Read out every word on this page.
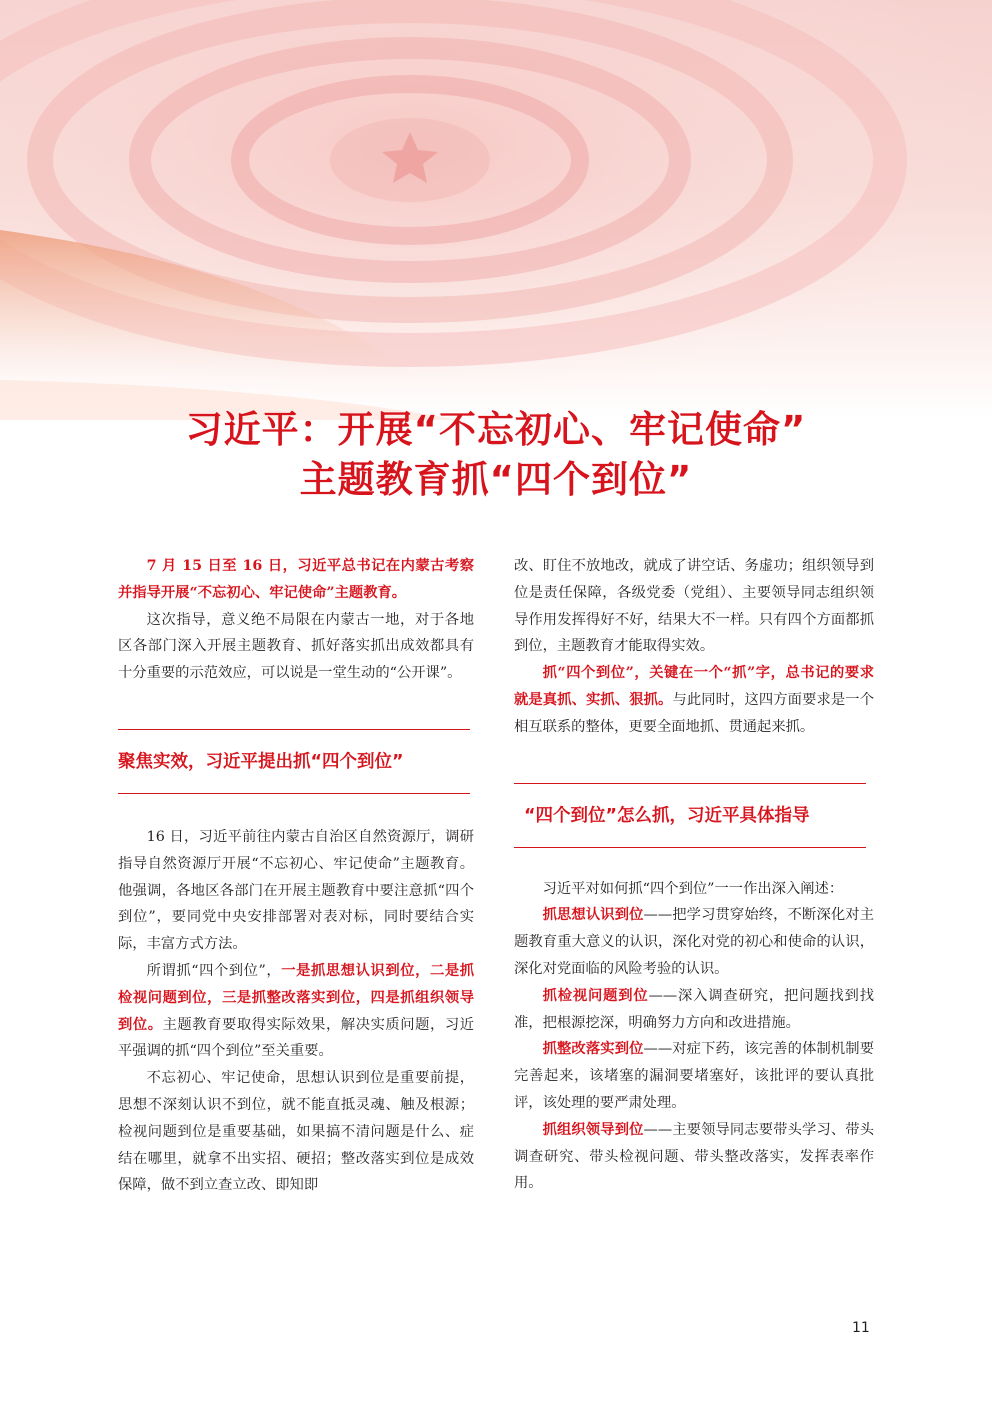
习近平：开展“不忘初心、牢记使命”
主题教育抓“四个到位”

7 月 15 日至 16 日，习近平总书记在内蒙古考察并指导开展“不忘初心、牢记使命”主题教育。

这次指导，意义绝不局限在内蒙古一地，对于各地区各部门深入开展主题教育、抓好落实抓出成效都具有十分重要的示范效应，可以说是一堂生动的“公开课”。

聚焦实效，习近平提出抓“四个到位”

16 日，习近平前往内蒙古自治区自然资源厅，调研指导自然资源厅开展“不忘初心、牢记使命”主题教育。他强调，各地区各部门在开展主题教育中要注意抓“四个到位”，要同党中央安排部署对表对标，同时要结合实际，丰富方式方法。

所谓抓“四个到位”，一是抓思想认识到位，二是抓检视问题到位，三是抓整改落实到位，四是抓组织领导到位。主题教育要取得实际效果，解决实质问题，习近平强调的抓“四个到位”至关重要。

不忘初心、牢记使命，思想认识到位是重要前提，思想不深刻认识不到位，就不能直抵灵魂、触及根源；检视问题到位是重要基础，如果搞不清问题是什么、症结在哪里，就拿不出实招、硬招；整改落实到位是成效保障，做不到立查立改、即知即

改、盯住不放地改，就成了讲空话、务虚功；组织领导到位是责任保障，各级党委（党组）、主要领导同志组织领导作用发挥得好不好，结果大不一样。只有四个方面都抓到位，主题教育才能取得实效。

抓“四个到位”，关键在一个“抓”字，总书记的要求就是真抓、实抓、狠抓。与此同时，这四方面要求是一个相互联系的整体，更要全面地抓、贯通起来抓。

“四个到位”怎么抓，习近平具体指导

习近平对如何抓“四个到位”一一作出深入阐述：

抓思想认识到位——把学习贯穿始终，不断深化对主题教育重大意义的认识，深化对党的初心和使命的认识，深化对党面临的风险考验的认识。

抓检视问题到位——深入调查研究，把问题找到找准，把根源挖深，明确努力方向和改进措施。

抓整改落实到位——对症下药，该完善的体制机制要完善起来，该堵塞的漏洞要堵塞好，该批评的要认真批评，该处理的要严肃处理。

抓组织领导到位——主要领导同志要带头学习、带头调查研究、带头检视问题、带头整改落实，发挥表率作用。

11
